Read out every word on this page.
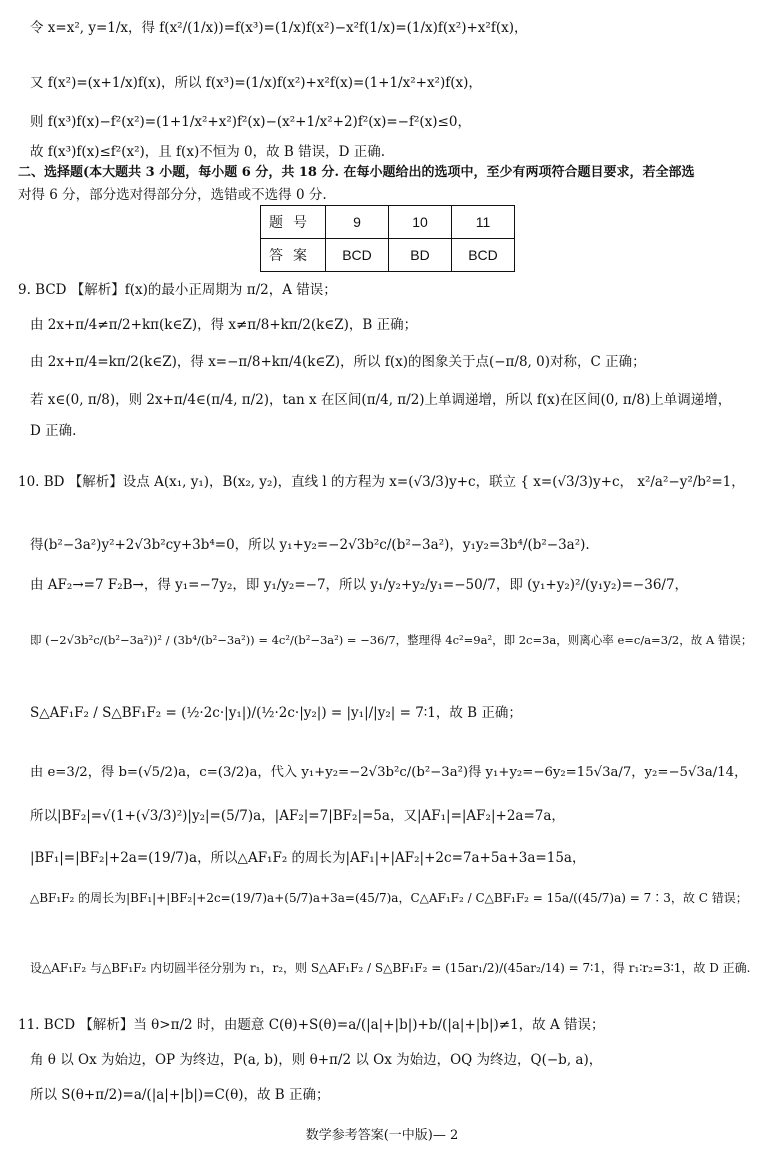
令 x=x², y=1/x，得 f(x²/(1/x))=f(x³)=(1/x)f(x²)−x²f(1/x)=(1/x)f(x²)+x²f(x)，
又 f(x²)=(x+1/x)f(x)，所以 f(x³)=(1/x)f(x²)+x²f(x)=(1+1/x²+x²)f(x)，
则 f(x³)f(x)−f²(x²)=(1+1/x²+x²)f²(x)−(x²+1/x²+2)f²(x)=−f²(x)≤0，
故 f(x³)f(x)≤f²(x²)，且 f(x)不恒为 0，故 B 错误，D 正确.
二、选择题(本大题共 3 小题，每小题 6 分，共 18 分. 在每小题给出的选项中，至少有两项符合题目要求，若全部选
对得 6 分，部分选对得部分分，选错或不选得 0 分.
题号	9	10	11
答案	BCD	BD	BCD
9. BCD 【解析】f(x)的最小正周期为 π/2，A 错误；
由 2x+π/4≠π/2+kπ(k∈Z)，得 x≠π/8+kπ/2(k∈Z)，B 正确；
由 2x+π/4=kπ/2(k∈Z)，得 x=−π/8+kπ/4(k∈Z)，所以 f(x)的图象关于点(−π/8, 0)对称，C 正确；
若 x∈(0, π/8)，则 2x+π/4∈(π/4, π/2)，tan x 在区间(π/4, π/2)上单调递增，所以 f(x)在区间(0, π/8)上单调递增，
D 正确.
10. BD 【解析】设点 A(x₁, y₁)，B(x₂, y₂)，直线 l 的方程为 x=(√3/3)y+c，联立 { x=(√3/3)y+c， x²/a²−y²/b²=1，
得(b²−3a²)y²+2√3b²cy+3b⁴=0，所以 y₁+y₂=−2√3b²c/(b²−3a²)，y₁y₂=3b⁴/(b²−3a²).
由 AF₂→=7 F₂B→，得 y₁=−7y₂，即 y₁/y₂=−7，所以 y₁/y₂+y₂/y₁=−50/7，即 (y₁+y₂)²/(y₁y₂)=−36/7，
即 (−2√3b²c/(b²−3a²))² / (3b⁴/(b²−3a²)) = 4c²/(b²−3a²) = −36/7，整理得 4c²=9a²，即 2c=3a，则离心率 e=c/a=3/2，故 A 错误；
S△AF₁F₂ / S△BF₁F₂ = (½·2c·|y₁|)/(½·2c·|y₂|) = |y₁|/|y₂| = 7∶1，故 B 正确；
由 e=3/2，得 b=(√5/2)a，c=(3/2)a，代入 y₁+y₂=−2√3b²c/(b²−3a²)得 y₁+y₂=−6y₂=15√3a/7，y₂=−5√3a/14，
所以|BF₂|=√(1+(√3/3)²)|y₂|=(5/7)a，|AF₂|=7|BF₂|=5a，又|AF₁|=|AF₂|+2a=7a，
|BF₁|=|BF₂|+2a=(19/7)a，所以△AF₁F₂ 的周长为|AF₁|+|AF₂|+2c=7a+5a+3a=15a，
△BF₁F₂ 的周长为|BF₁|+|BF₂|+2c=(19/7)a+(5/7)a+3a=(45/7)a，C△AF₁F₂ / C△BF₁F₂ = 15a/((45/7)a) = 7∶3，故 C 错误；
设△AF₁F₂ 与△BF₁F₂ 内切圆半径分别为 r₁，r₂，则 S△AF₁F₂ / S△BF₁F₂ = (15ar₁/2)/(45ar₂/14) = 7∶1，得 r₁∶r₂=3∶1，故 D 正确.
11. BCD 【解析】当 θ>π/2 时，由题意 C(θ)+S(θ)=a/(|a|+|b|)+b/(|a|+|b|)≠1，故 A 错误；
角 θ 以 Ox 为始边，OP 为终边，P(a, b)，则 θ+π/2 以 Ox 为始边，OQ 为终边，Q(−b, a)，
所以 S(θ+π/2)=a/(|a|+|b|)=C(θ)，故 B 正确；
数学参考答案(一中版)— 2
